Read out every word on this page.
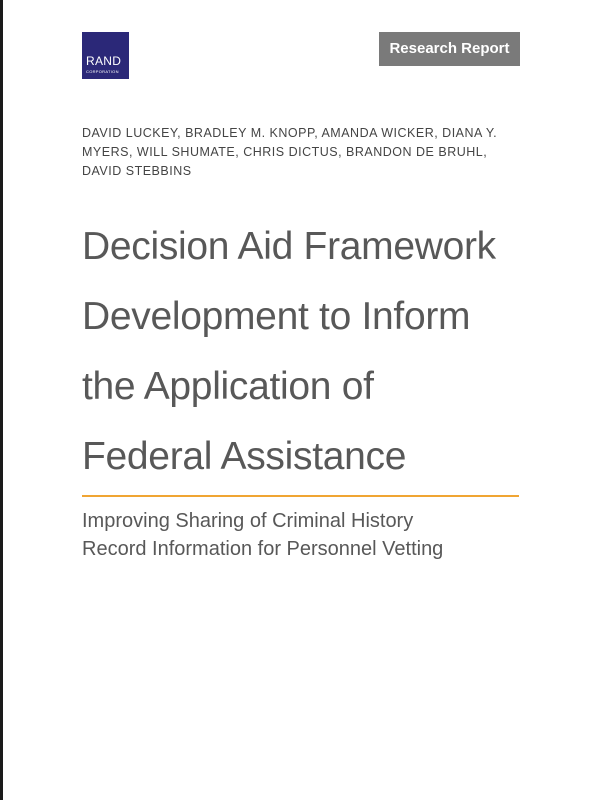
RAND
CORPORATION
Research Report
DAVID LUCKEY, BRADLEY M. KNOPP, AMANDA WICKER, DIANA Y.
MYERS, WILL SHUMATE, CHRIS DICTUS, BRANDON DE BRUHL,
DAVID STEBBINS
Decision Aid Framework
Development to Inform
the Application of
Federal Assistance
Improving Sharing of Criminal History
Record Information for Personnel Vetting
